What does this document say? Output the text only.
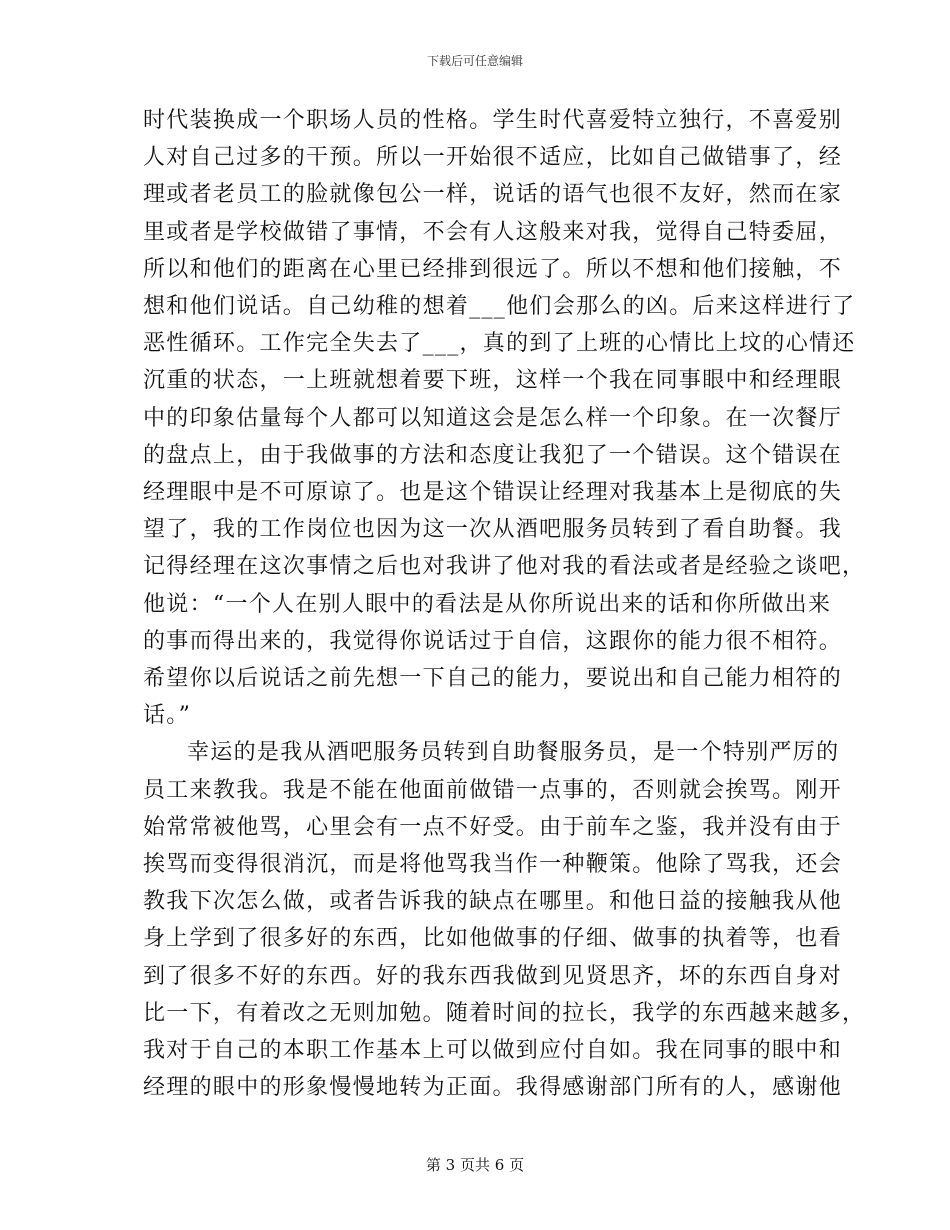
下载后可任意编辑
时代装换成一个职场人员的性格。学生时代喜爱特立独行，不喜爱别
人对自己过多的干预。所以一开始很不适应，比如自己做错事了，经
理或者老员工的脸就像包公一样，说话的语气也很不友好，然而在家
里或者是学校做错了事情，不会有人这般来对我，觉得自己特委屈，
所以和他们的距离在心里已经排到很远了。所以不想和他们接触，不
想和他们说话。自己幼稚的想着___他们会那么的凶。后来这样进行了
恶性循环。工作完全失去了___，真的到了上班的心情比上坟的心情还
沉重的状态，一上班就想着要下班，这样一个我在同事眼中和经理眼
中的印象估量每个人都可以知道这会是怎么样一个印象。在一次餐厅
的盘点上，由于我做事的方法和态度让我犯了一个错误。这个错误在
经理眼中是不可原谅了。也是这个错误让经理对我基本上是彻底的失
望了，我的工作岗位也因为这一次从酒吧服务员转到了看自助餐。我
记得经理在这次事情之后也对我讲了他对我的看法或者是经验之谈吧，
他说：“一个人在别人眼中的看法是从你所说出来的话和你所做出来
的事而得出来的，我觉得你说话过于自信，这跟你的能力很不相符。
希望你以后说话之前先想一下自己的能力，要说出和自己能力相符的
话。”
幸运的是我从酒吧服务员转到自助餐服务员，是一个特别严厉的
员工来教我。我是不能在他面前做错一点事的，否则就会挨骂。刚开
始常常被他骂，心里会有一点不好受。由于前车之鉴，我并没有由于
挨骂而变得很消沉，而是将他骂我当作一种鞭策。他除了骂我，还会
教我下次怎么做，或者告诉我的缺点在哪里。和他日益的接触我从他
身上学到了很多好的东西，比如他做事的仔细、做事的执着等，也看
到了很多不好的东西。好的我东西我做到见贤思齐，坏的东西自身对
比一下，有着改之无则加勉。随着时间的拉长，我学的东西越来越多，
我对于自己的本职工作基本上可以做到应付自如。我在同事的眼中和
经理的眼中的形象慢慢地转为正面。我得感谢部门所有的人，感谢他
第 3 页共 6 页
